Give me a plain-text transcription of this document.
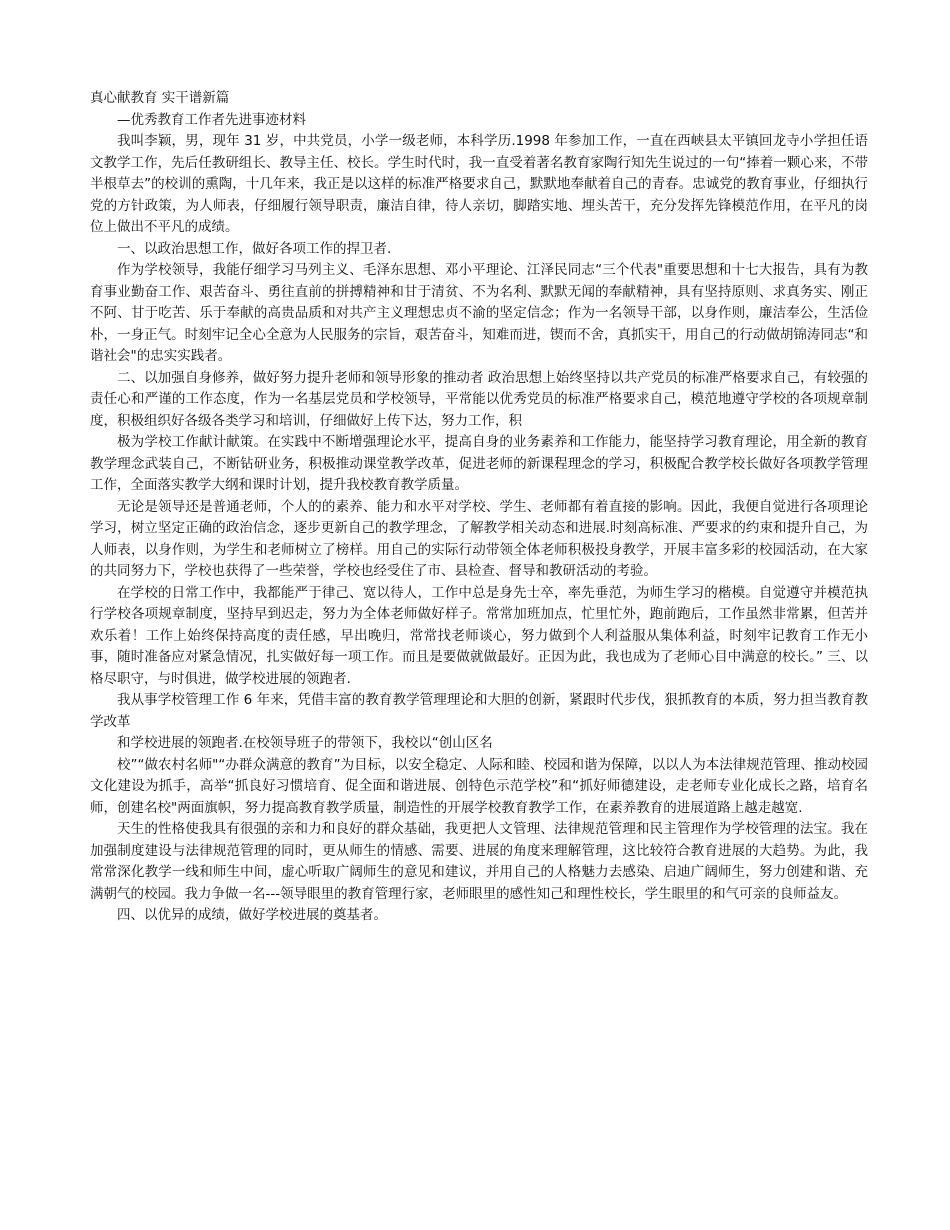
真心献教育 实干谱新篇

—优秀教育工作者先进事迹材料

我叫李颖，男，现年 31 岁，中共党员，小学一级老师，本科学历.1998 年参加工作，一直在西峡县太平镇回龙寺小学担任语文教学工作，先后任教研组长、教导主任、校长。学生时代时，我一直受着著名教育家陶行知先生说过的一句“捧着一颗心来，不带半根草去”的校训的熏陶，十几年来，我正是以这样的标准严格要求自己，默默地奉献着自己的青春。忠诚党的教育事业，仔细执行党的方针政策，为人师表，仔细履行领导职责，廉洁自律，待人亲切，脚踏实地、埋头苦干，充分发挥先锋模范作用，在平凡的岗位上做出不平凡的成绩。

一、以政治思想工作，做好各项工作的捍卫者.

作为学校领导，我能仔细学习马列主义、毛泽东思想、邓小平理论、江泽民同志“三个代表"重要思想和十七大报告，具有为教育事业勤奋工作、艰苦奋斗、勇往直前的拼搏精神和甘于清贫、不为名利、默默无闻的奉献精神，具有坚持原则、求真务实、刚正不阿、甘于吃苦、乐于奉献的高贵品质和对共产主义理想忠贞不渝的坚定信念；作为一名领导干部，以身作则，廉洁奉公，生活俭朴，一身正气。时刻牢记全心全意为人民服务的宗旨，艰苦奋斗，知难而进，锲而不舍，真抓实干，用自己的行动做胡锦涛同志“和谐社会"的忠实实践者。

二、以加强自身修养，做好努力提升老师和领导形象的推动者 政治思想上始终坚持以共产党员的标准严格要求自己，有较强的责任心和严谨的工作态度，作为一名基层党员和学校领导，平常能以优秀党员的标准严格要求自己，模范地遵守学校的各项规章制度，积极组织好各级各类学习和培训，仔细做好上传下达，努力工作，积

极为学校工作献计献策。在实践中不断增强理论水平，提高自身的业务素养和工作能力，能坚持学习教育理论，用全新的教育教学理念武装自己，不断钻研业务，积极推动课堂教学改革，促进老师的新课程理念的学习，积极配合教学校长做好各项教学管理工作，全面落实教学大纲和课时计划，提升我校教育教学质量。

无论是领导还是普通老师，个人的的素养、能力和水平对学校、学生、老师都有着直接的影响。因此，我便自觉进行各项理论学习，树立坚定正确的政治信念，逐步更新自己的教学理念，了解教学相关动态和进展.时刻高标准、严要求的约束和提升自己，为人师表，以身作则，为学生和老师树立了榜样。用自己的实际行动带领全体老师积极投身教学，开展丰富多彩的校园活动，在大家的共同努力下，学校也获得了一些荣誉，学校也经受住了市、县检查、督导和教研活动的考验。

在学校的日常工作中，我都能严于律己、宽以待人，工作中总是身先士卒，率先垂范，为师生学习的楷模。自觉遵守并模范执行学校各项规章制度，坚持早到迟走，努力为全体老师做好样子。常常加班加点，忙里忙外，跑前跑后，工作虽然非常累，但苦并欢乐着！工作上始终保持高度的责任感，早出晚归，常常找老师谈心，努力做到个人利益服从集体利益，时刻牢记教育工作无小事，随时准备应对紧急情况，扎实做好每一项工作。而且是要做就做最好。正因为此，我也成为了老师心目中满意的校长。” 三、以格尽职守，与时俱进，做学校进展的领跑者.

我从事学校管理工作 6 年来，凭借丰富的教育教学管理理论和大胆的创新，紧跟时代步伐，狠抓教育的本质，努力担当教育教学改革

和学校进展的领跑者.在校领导班子的带领下，我校以“创山区名

校”“做农村名师"“办群众满意的教育”为目标，以安全稳定、人际和睦、校园和谐为保障，以以人为本法律规范管理、推动校园文化建设为抓手，高举“抓良好习惯培育、促全面和谐进展、创特色示范学校”和“抓好师德建设，走老师专业化成长之路，培育名师，创建名校"两面旗帜，努力提高教育教学质量，制造性的开展学校教育教学工作，在素养教育的进展道路上越走越宽.

天生的性格使我具有很强的亲和力和良好的群众基础，我更把人文管理、法律规范管理和民主管理作为学校管理的法宝。我在加强制度建设与法律规范管理的同时，更从师生的情感、需要、进展的角度来理解管理，这比较符合教育进展的大趋势。为此，我常常深化教学一线和师生中间，虚心听取广阔师生的意见和建议，并用自己的人格魅力去感染、启迪广阔师生，努力创建和谐、充满朝气的校园。我力争做一名---领导眼里的教育管理行家，老师眼里的感性知己和理性校长，学生眼里的和气可亲的良师益友。

四、以优异的成绩，做好学校进展的奠基者。
